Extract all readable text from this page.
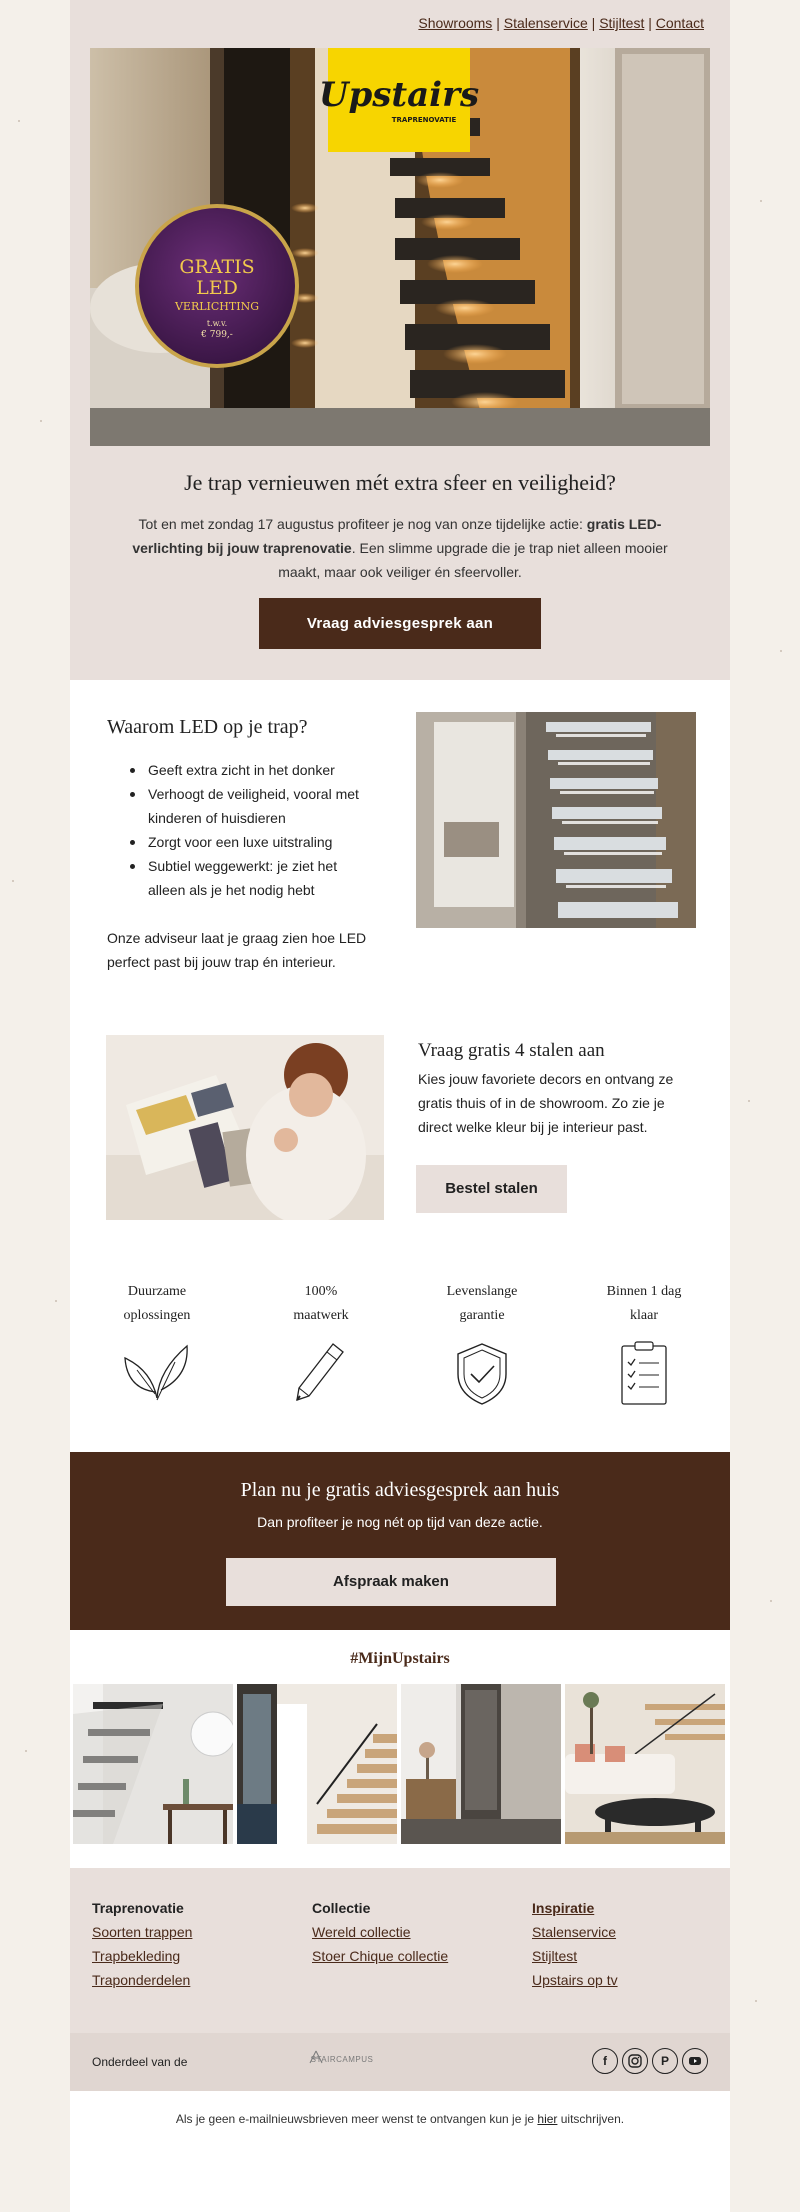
Showrooms | Stalenservice | Stijltest | Contact
Upstairs
TRAPRENOVATIE
GRATIS
LED
VERLICHTING
t.w.v.
€ 799,-
Je trap vernieuwen mét extra sfeer en veiligheid?

Tot en met zondag 17 augustus profiteer je nog van onze tijdelijke actie: gratis LED-verlichting bij jouw traprenovatie. Een slimme upgrade die je trap niet alleen mooier maakt, maar ook veiliger én sfeervoller.

Vraag adviesgesprek aan
Waarom LED op je trap?
Geeft extra zicht in het donker
Verhoogt de veiligheid, vooral met kinderen of huisdieren
Zorgt voor een luxe uitstraling
Subtiel weggewerkt: je ziet het alleen als je het nodig hebt
Onze adviseur laat je graag zien hoe LED perfect past bij jouw trap én interieur.
Vraag gratis 4 stalen aan
Kies jouw favoriete decors en ontvang ze gratis thuis of in de showroom. Zo zie je direct welke kleur bij je interieur past.
Bestel stalen
Duurzame
oplossingen
100%
maatwerk
Levenslange
garantie
Binnen 1 dag
klaar
Plan nu je gratis adviesgesprek aan huis

Dan profiteer je nog nét op tijd van deze actie.

Afspraak maken
#MijnUpstairs
Traprenovatie
Soorten trappen
Trapbekleding
Traponderdelen
Collectie
Wereld collectie
Stoer Chique collectie
Inspiratie
Stalenservice
Stijltest
Upstairs op tv
Onderdeel van de	STAIRCAMPUS	f	P
Als je geen e-mailnieuwsbrieven meer wenst te ontvangen kun je je hier uitschrijven.
